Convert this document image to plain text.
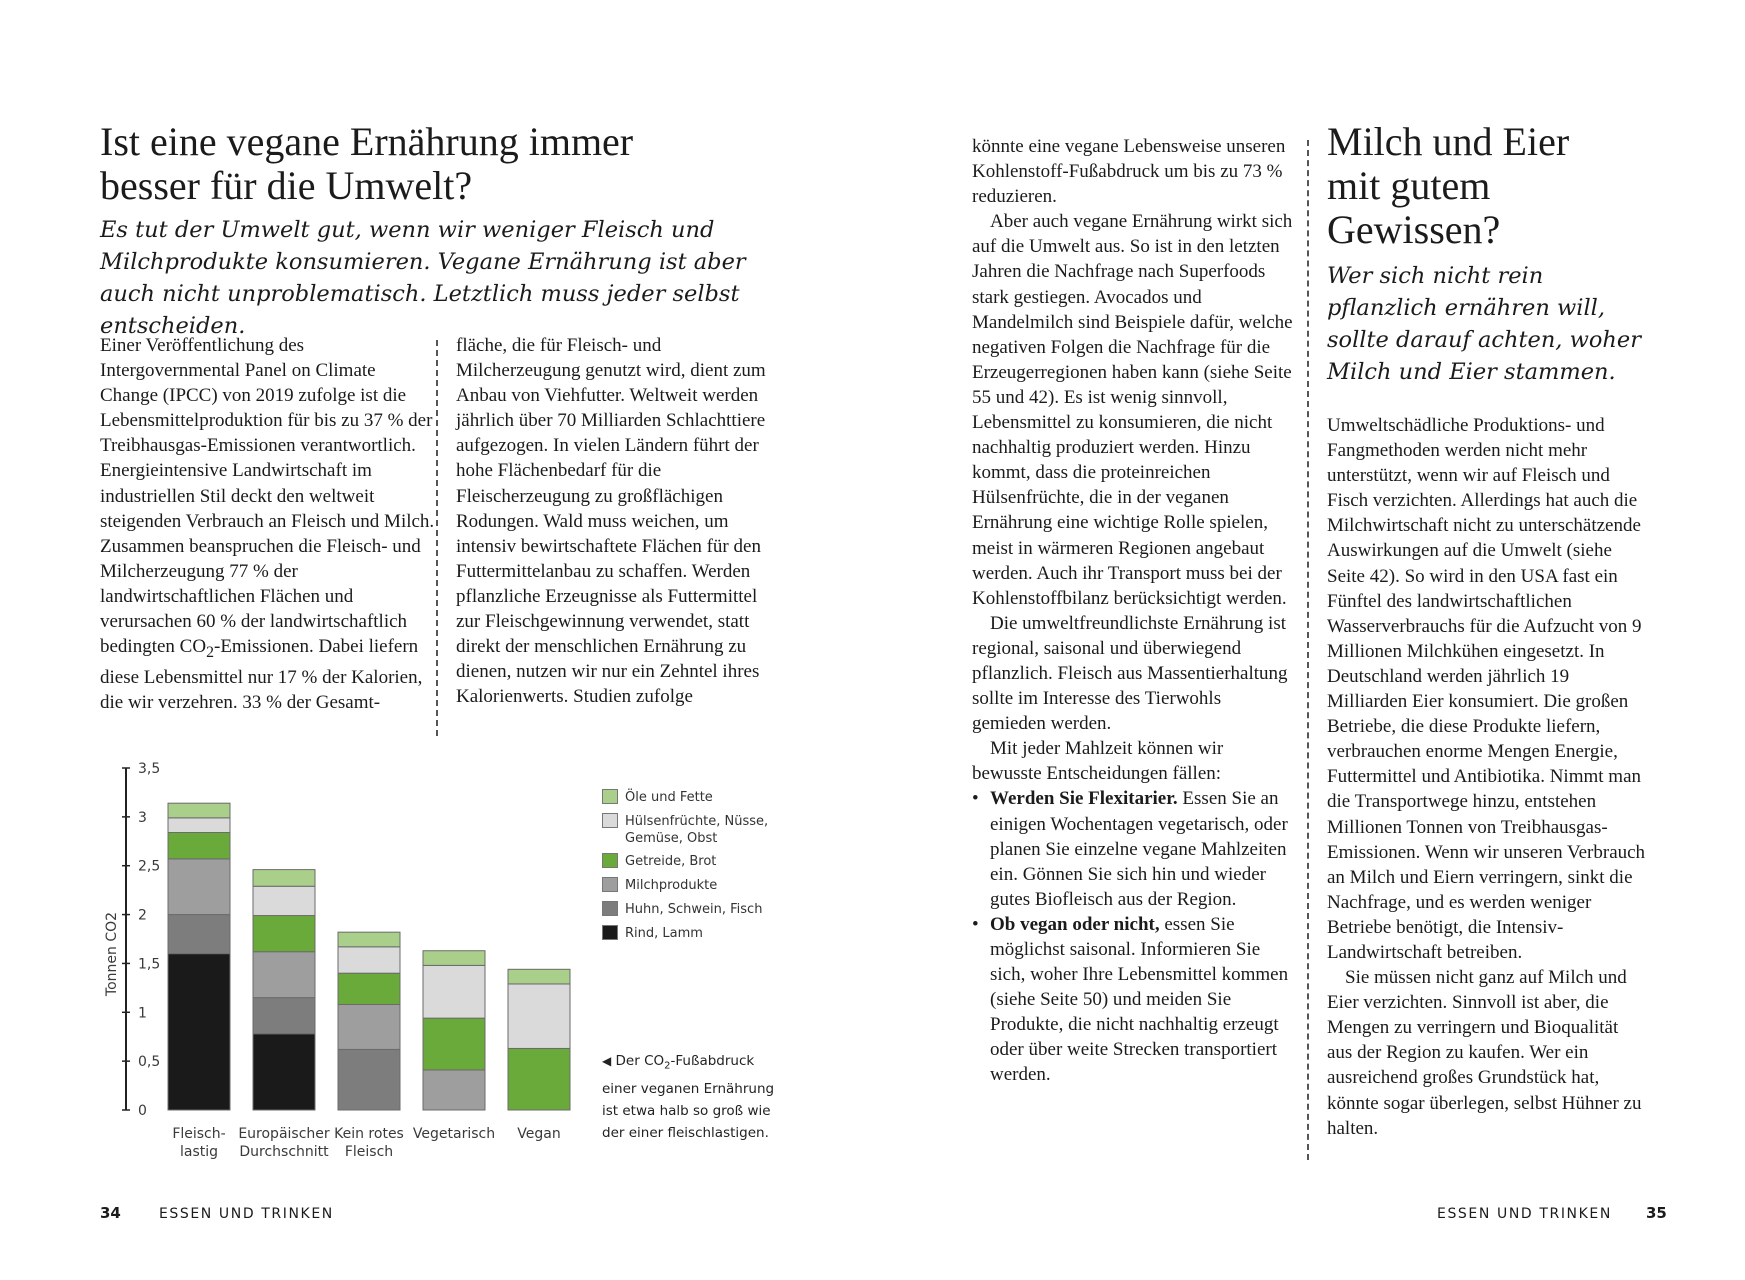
Ist eine vegane Ernährung immer besser für die Umwelt?

Es tut der Umwelt gut, wenn wir weniger Fleisch und Milchprodukte konsumieren. Vegane Ernährung ist aber auch nicht unproblematisch. Letztlich muss jeder selbst entscheiden.

Einer Veröffentlichung des Intergovernmental Panel on Climate Change (IPCC) von 2019 zufolge ist die Lebensmittelproduktion für bis zu 37 % der Treibhausgas-Emissionen verantwortlich. Energieintensive Landwirtschaft im industriellen Stil deckt den weltweit steigenden Verbrauch an Fleisch und Milch. Zusammen beanspruchen die Fleisch- und Milcherzeugung 77 % der landwirtschaftlichen Flächen und verursachen 60 % der landwirtschaftlich bedingten $CO_2$-Emissionen. Dabei liefern diese Lebensmittel nur 17 % der Kalorien, die wir verzehren. 33 % der Gesamt-

fläche, die für Fleisch- und Milcherzeugung genutzt wird, dient zum Anbau von Viehfutter. Weltweit werden jährlich über 70 Milliarden Schlachttiere aufgezogen. In vielen Ländern führt der hohe Flächenbedarf für die Fleischerzeugung zu großflächigen Rodungen. Wald muss weichen, um intensiv bewirtschaftete Flächen für den Futtermittelanbau zu schaffen. Werden pflanzliche Erzeugnisse als Futtermittel zur Fleischgewinnung verwendet, statt direkt der menschlichen Ernährung zu dienen, nutzen wir nur ein Zehntel ihres Kalorienwerts. Studien zufolge

0
0,5
1
1,5
2
2,5
3
3,5
Tonnen CO2
Fleisch-
lastig
Europäischer
Durchschnitt
Kein rotes
Fleisch
Vegetarisch Vegan
Öle und Fette
Hülsenfrüchte, Nüsse, Gemüse, Obst
Getreide, Brot
Milchprodukte
Huhn, Schwein, Fisch
Rind, Lamm

◀ Der $CO_2$-Fußabdruck einer veganen Ernährung ist etwa halb so groß wie der einer fleischlastigen.

34	ESSEN UND TRINKEN

könnte eine vegane Lebensweise unseren Kohlenstoff-Fußabdruck um bis zu 73 % reduzieren.

Aber auch vegane Ernährung wirkt sich auf die Umwelt aus. So ist in den letzten Jahren die Nachfrage nach Superfoods stark gestiegen. Avocados und Mandelmilch sind Beispiele dafür, welche negativen Folgen die Nachfrage für die Erzeugerregionen haben kann (siehe Seite 55 und 42). Es ist wenig sinnvoll, Lebensmittel zu konsumieren, die nicht nachhaltig produziert werden. Hinzu kommt, dass die proteinreichen Hülsenfrüchte, die in der veganen Ernährung eine wichtige Rolle spielen, meist in wärmeren Regionen angebaut werden. Auch ihr Transport muss bei der Kohlenstoffbilanz berücksichtigt werden.

Die umweltfreundlichste Ernährung ist regional, saisonal und überwiegend pflanzlich. Fleisch aus Massentierhaltung sollte im Interesse des Tierwohls gemieden werden.

Mit jeder Mahlzeit können wir bewusste Entscheidungen fällen:

• Werden Sie Flexitarier. Essen Sie an einigen Wochentagen vegetarisch, oder planen Sie einzelne vegane Mahlzeiten ein. Gönnen Sie sich hin und wieder gutes Biofleisch aus der Region.
• Ob vegan oder nicht, essen Sie möglichst saisonal. Informieren Sie sich, woher Ihre Lebensmittel kommen (siehe Seite 50) und meiden Sie Produkte, die nicht nachhaltig erzeugt oder über weite Strecken transportiert werden.
Milch und Eier mit gutem Gewissen?

Wer sich nicht rein pflanzlich ernähren will, sollte darauf achten, woher Milch und Eier stammen.

Umweltschädliche Produktions- und Fangmethoden werden nicht mehr unterstützt, wenn wir auf Fleisch und Fisch verzichten. Allerdings hat auch die Milchwirtschaft nicht zu unterschätzende Auswirkungen auf die Umwelt (siehe Seite 42). So wird in den USA fast ein Fünftel des landwirtschaftlichen Wasserverbrauchs für die Aufzucht von 9 Millionen Milchkühen eingesetzt. In Deutschland werden jährlich 19 Milliarden Eier konsumiert. Die großen Betriebe, die diese Produkte liefern, verbrauchen enorme Mengen Energie, Futtermittel und Antibiotika. Nimmt man die Transportwege hinzu, entstehen Millionen Tonnen von Treibhausgas-Emissionen. Wenn wir unseren Verbrauch an Milch und Eiern verringern, sinkt die Nachfrage, und es werden weniger Betriebe benötigt, die Intensiv-Landwirtschaft betreiben.

Sie müssen nicht ganz auf Milch und Eier verzichten. Sinnvoll ist aber, die Mengen zu verringern und Bioqualität aus der Region zu kaufen. Wer ein ausreichend großes Grundstück hat, könnte sogar überlegen, selbst Hühner zu halten.

ESSEN UND TRINKEN 35
